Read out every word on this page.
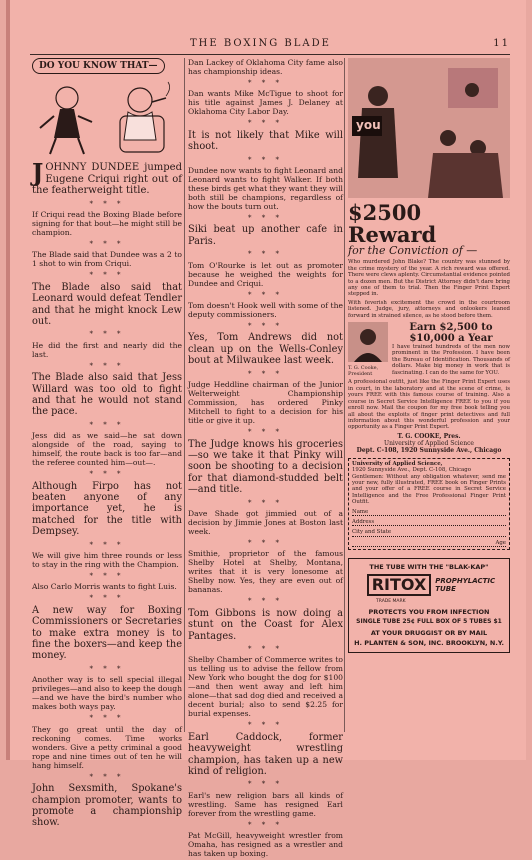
THE BOXING BLADE	11
DO YOU KNOW THAT—
J OHNNY DUNDEE jumped Eugene Criqui right out of the featherweight title.
* * *
If Criqui read the Boxing Blade before signing for that bout—he might still be champion.
* * *
The Blade said that Dundee was a 2 to 1 shot to win from Criqui.
* * *
The Blade also said that Leonard would defeat Tendler and that he might knock Lew out.
* * *
He did the first and nearly did the last.
* * *
The Blade also said that Jess Willard was too old to fight and that he would not stand the pace.
* * *
Jess did as we said—he sat down alongside of the road, saying to himself, the route back is too far—and the referee counted him—out—.
* * *
Although Firpo has not beaten anyone of any importance yet, he is matched for the title with Dempsey.
* * *
We will give him three rounds or less to stay in the ring with the Champion.
* * *
Also Carlo Morris wants to fight Luis.
* * *
A new way for Boxing Commissioners or Secretaries to make extra money is to fine the boxers—and keep the money.
* * *
Another way is to sell special illegal privileges—and also to keep the dough—and we have the bird's number who makes both ways pay.
* * *
They go great until the day of reckoning comes. Time works wonders. Give a petty criminal a good rope and nine times out of ten he will hang himself.
* * *
John Sexsmith, Spokane's champion promoter, wants to promote a championship show.
Dan Lackey of Oklahoma City fame also has championship ideas.
* * *
Dan wants Mike McTigue to shoot for his title against James J. Delaney at Oklahoma City Labor Day.
* * *
It is not likely that Mike will shoot.
* * *
Dundee now wants to fight Leonard and Leonard wants to fight Walker. If both these birds get what they want they will both still be champions, regardless of how the bouts turn out.
* * *
Siki beat up another cafe in Paris.
* * *
Tom O'Rourke is let out as promoter because he weighed the weights for Dundee and Criqui.
* * *
Tom doesn't Hook well with some of the deputy commissioners.
* * *
Yes, Tom Andrews did not clean up on the Wells-Conley bout at Milwaukee last week.
* * *
Judge Heddline chairman of the Junior Welterweight Championship Commission, has ordered Pinky Mitchell to fight to a decision for his title or give it up.
* * *
The Judge knows his groceries—so we take it that Pinky will soon be shooting to a decision for that diamond-studded belt—and title.
* * *
Dave Shade got jimmied out of a decision by Jimmie Jones at Boston last week.
* * *
Smithie, proprietor of the famous Shelby Hotel at Shelby, Montana, writes that it is very lonesome at Shelby now. Yes, they are even out of bananas.
* * *
Tom Gibbons is now doing a stunt on the Coast for Alex Pantages.
* * *
Shelby Chamber of Commerce writes to us telling us to advise the fellow from New York who bought the dog for $100—and then went away and left him alone—that sad dog died and received a decent burial; also to send $2.25 for burial expenses.
* * *
Earl Caddock, former heavyweight wrestling champion, has taken up a new kind of religion.
* * *
Earl's new religion bars all kinds of wrestling. Same has resigned Earl forever from the wrestling game.
* * *
Pat McGill, heavyweight wrestler from Omaha, has resigned as a wrestler and has taken up boxing.
you
$2500 Reward
for the Conviction of —
Who murdered John Blake? The country was stunned by the crime mystery of the year. A rich reward was offered. There were clews aplenty. Circumstantial evidence pointed to a dozen men. But the District Attorney didn't dare bring any one of them to trial. Then the Finger Print Expert stepped in.
With feverish excitement the crowd in the courtroom listened. Judge, jury, attorneys and onlookers leaned forward in strained silence, as he stood before them.
T. G. Cooke, President
Earn $2,500 to $10,000 a Year
I have trained hundreds of the men now prominent in the Profession. I have been the Bureau of Identification. Thousands of dollars. Make big money in work that is fascinating. I can do the same for YOU.
A professional outfit, just like the Finger Print Expert uses in court, in the laboratory and at the scene of crime, is yours FREE with this famous course of training. Also a course in Secret Service Intelligence FREE to you if you enroll now. Mail the coupon for my free book telling you all about the exploits of finger print detectives and full information about this wonderful profession and your opportunity as a Finger Print Expert.
T. G. COOKE, Pres.
University of Applied Science
Dept. C-108, 1920 Sunnyside Ave., Chicago
University of Applied Science,
1920 Sunnyside Ave., Dept. C-108, Chicago
Gentlemen: Without any obligation whatever, send me your new, fully illustrated, FREE book on Finger Prints and your offer of a FREE course in Secret Service Intelligence and the Free Professional Finger Print Outfit.
Name
Address
City and State
Age
THE TUBE WITH THE "BLAK-KAP"
RITOX	PROPHYLACTIC TUBE
TRADE MARK
PROTECTS YOU FROM INFECTION
SINGLE TUBE 25¢ FULL BOX OF 5 TUBES $1
AT YOUR DRUGGIST OR BY MAIL
H. PLANTEN & SON, INC. BROOKLYN, N.Y.
